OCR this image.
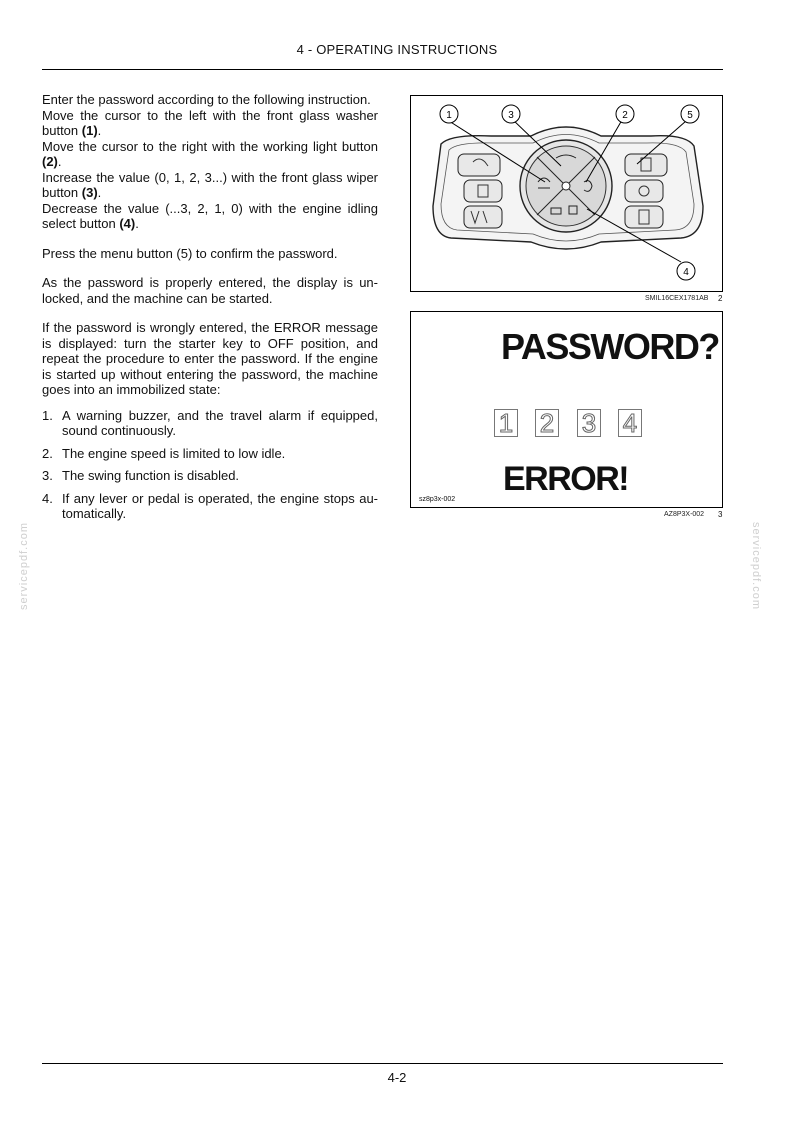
4 - OPERATING INSTRUCTIONS
servicepdf.com	servicepdf.com

Enter the password according to the following instruction.
Move the cursor to the left with the front glass washer button (1).
Move the cursor to the right with the working light button (2).
Increase the value (0, 1, 2, 3...) with the front glass wiper button (3).
Decrease the value (...3, 2, 1, 0) with the engine idling select button (4).

Press the menu button (5) to confirm the password.

As the password is properly entered, the display is un-locked, and the machine can be started.

If the password is wrongly entered, the ERROR message is displayed: turn the starter key to OFF position, and repeat the procedure to enter the password. If the engine is started up without entering the password, the machine goes into an immobilized state:

1. A warning buzzer, and the travel alarm if equipped, sound continuously.
2. The engine speed is limited to low idle.
3. The swing function is disabled.
4. If any lever or pedal is operated, the engine stops au-tomatically.
1	3	2	5
4
SMIL16CEX1781AB 2
PASSWORD?
1 2 3 4
ERROR!
sz8p3x-002
AZ8P3X-002 3
4-2
